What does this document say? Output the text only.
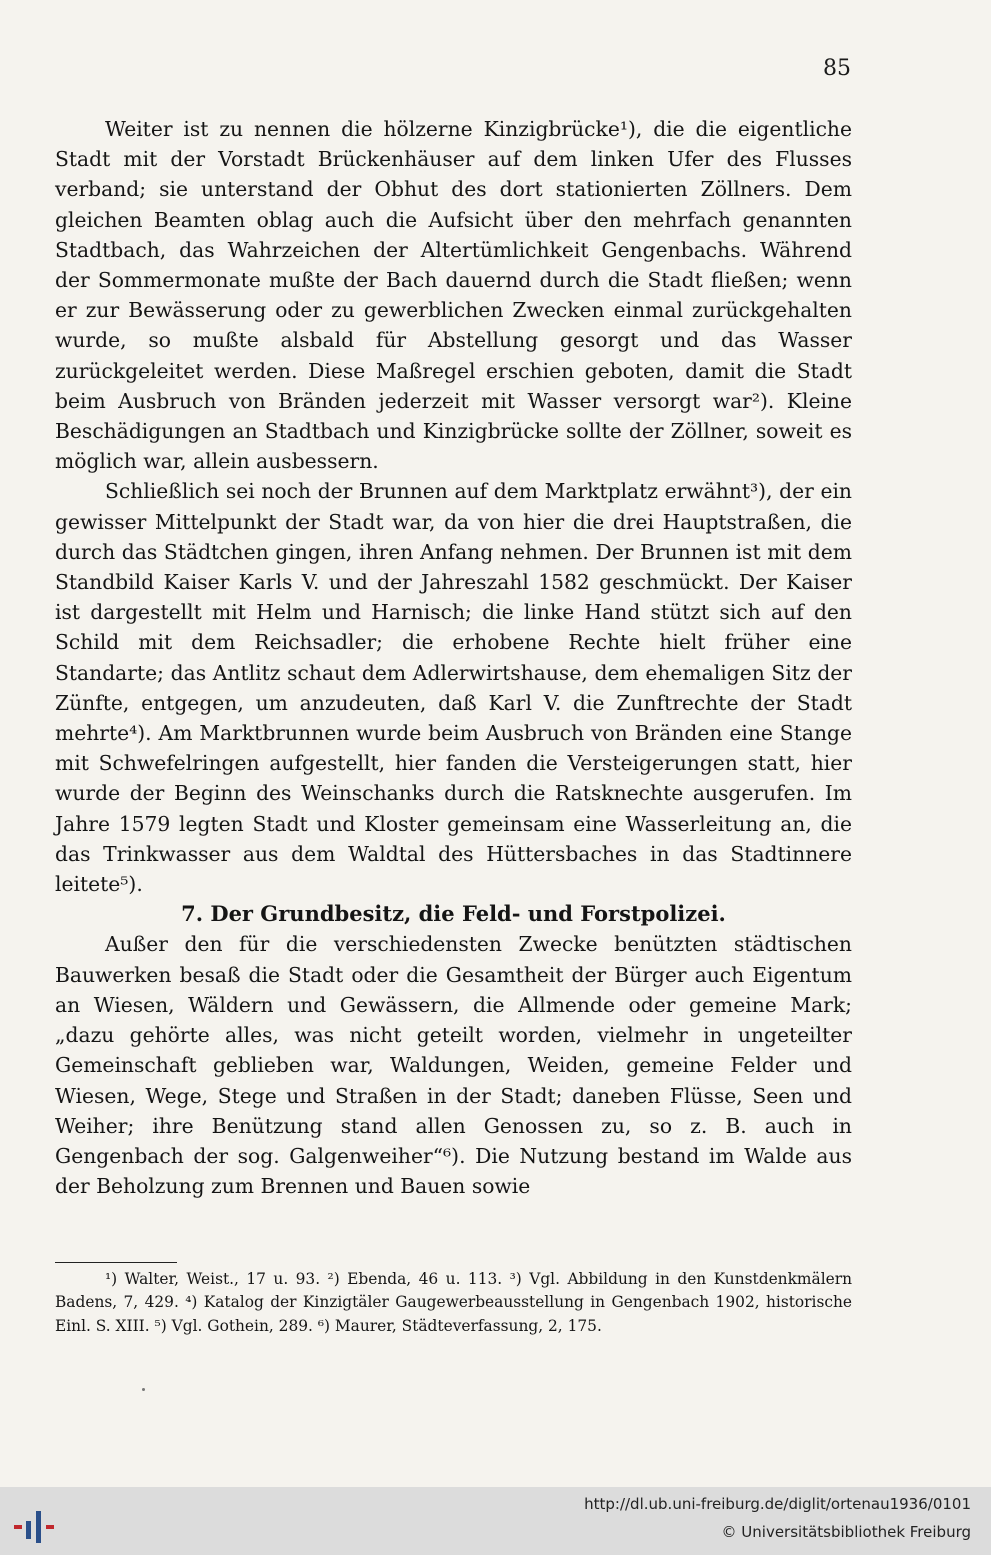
85

Weiter ist zu nennen die hölzerne Kinzigbrücke¹), die die eigentliche Stadt mit der Vorstadt Brückenhäuser auf dem linken Ufer des Flusses verband; sie unterstand der Obhut des dort stationierten Zöllners. Dem gleichen Beamten oblag auch die Aufsicht über den mehrfach genannten Stadtbach, das Wahrzeichen der Altertümlichkeit Gengenbachs. Während der Sommermonate mußte der Bach dauernd durch die Stadt fließen; wenn er zur Bewässerung oder zu gewerblichen Zwecken einmal zurückgehalten wurde, so mußte alsbald für Abstellung gesorgt und das Wasser zurückgeleitet werden. Diese Maßregel erschien geboten, damit die Stadt beim Ausbruch von Bränden jederzeit mit Wasser versorgt war²). Kleine Beschädigungen an Stadtbach und Kinzigbrücke sollte der Zöllner, soweit es möglich war, allein ausbessern.

Schließlich sei noch der Brunnen auf dem Marktplatz erwähnt³), der ein gewisser Mittelpunkt der Stadt war, da von hier die drei Hauptstraßen, die durch das Städtchen gingen, ihren Anfang nehmen. Der Brunnen ist mit dem Standbild Kaiser Karls V. und der Jahreszahl 1582 geschmückt. Der Kaiser ist dargestellt mit Helm und Harnisch; die linke Hand stützt sich auf den Schild mit dem Reichsadler; die erhobene Rechte hielt früher eine Standarte; das Antlitz schaut dem Adlerwirtshause, dem ehemaligen Sitz der Zünfte, entgegen, um anzudeuten, daß Karl V. die Zunftrechte der Stadt mehrte⁴). Am Marktbrunnen wurde beim Ausbruch von Bränden eine Stange mit Schwefelringen aufgestellt, hier fanden die Versteigerungen statt, hier wurde der Beginn des Weinschanks durch die Ratsknechte ausgerufen. Im Jahre 1579 legten Stadt und Kloster gemeinsam eine Wasserleitung an, die das Trinkwasser aus dem Waldtal des Hüttersbaches in das Stadtinnere leitete⁵).

7. Der Grundbesitz, die Feld- und Forstpolizei.

Außer den für die verschiedensten Zwecke benützten städtischen Bauwerken besaß die Stadt oder die Gesamtheit der Bürger auch Eigentum an Wiesen, Wäldern und Gewässern, die Allmende oder gemeine Mark; „dazu gehörte alles, was nicht geteilt worden, vielmehr in ungeteilter Gemeinschaft geblieben war, Waldungen, Weiden, gemeine Felder und Wiesen, Wege, Stege und Straßen in der Stadt; daneben Flüsse, Seen und Weiher; ihre Benützung stand allen Genossen zu, so z. B. auch in Gengenbach der sog. Galgenweiher“⁶). Die Nutzung bestand im Walde aus der Beholzung zum Brennen und Bauen sowie

¹) Walter, Weist., 17 u. 93. ²) Ebenda, 46 u. 113. ³) Vgl. Abbildung in den Kunstdenkmälern Badens, 7, 429. ⁴) Katalog der Kinzigtäler Gaugewerbeausstellung in Gengenbach 1902, historische Einl. S. XIII. ⁵) Vgl. Gothein, 289. ⁶) Maurer, Städteverfassung, 2, 175.

http://dl.ub.uni-freiburg.de/diglit/ortenau1936/0101
© Universitätsbibliothek Freiburg
